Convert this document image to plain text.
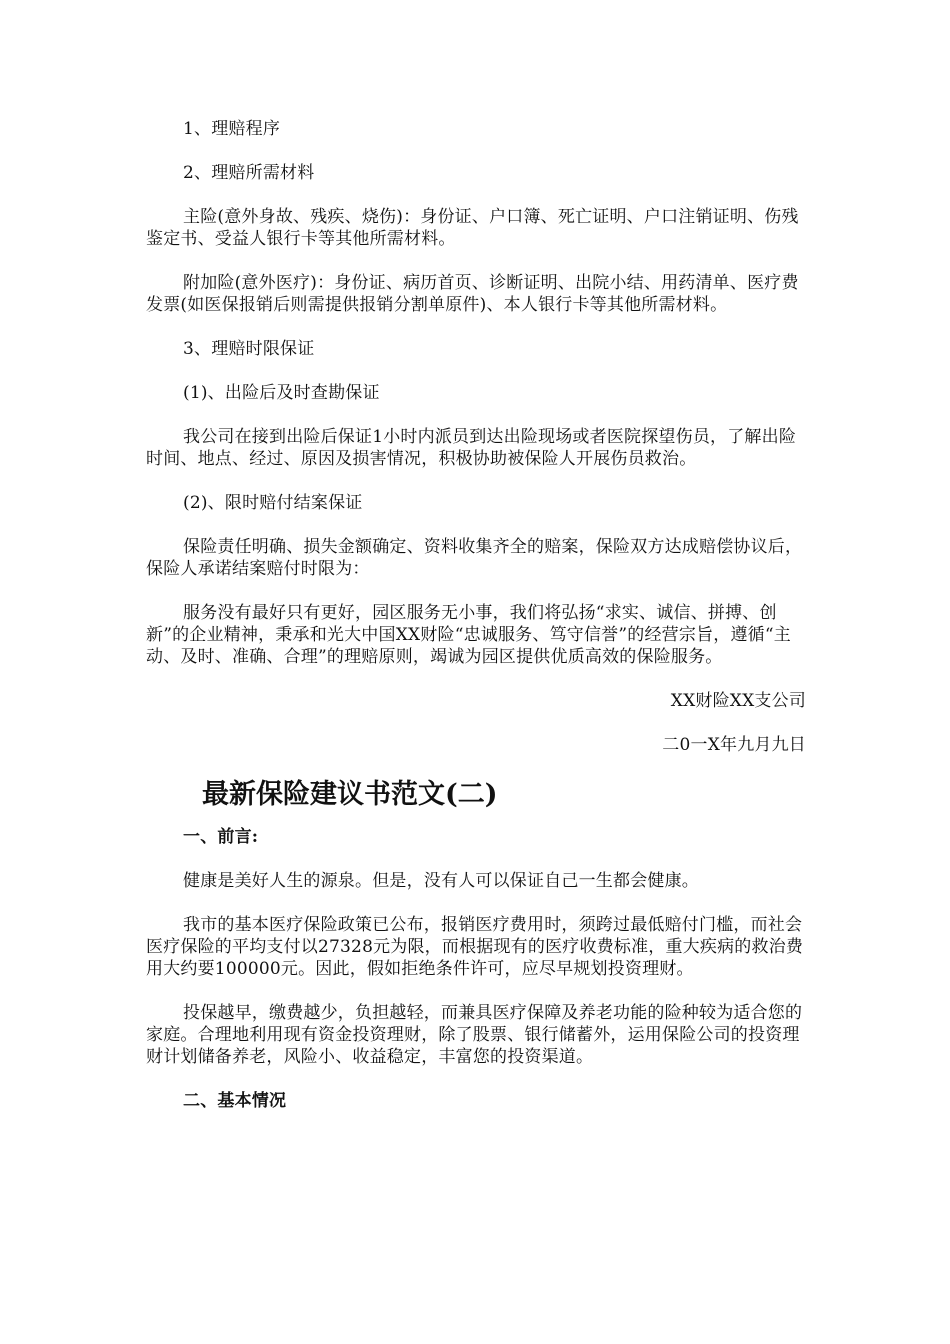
1、理赔程序

2、理赔所需材料

主险(意外身故、残疾、烧伤)：身份证、户口簿、死亡证明、户口注销证明、伤残鉴定书、受益人银行卡等其他所需材料。

附加险(意外医疗)：身份证、病历首页、诊断证明、出院小结、用药清单、医疗费发票(如医保报销后则需提供报销分割单原件)、本人银行卡等其他所需材料。

3、理赔时限保证

(1)、出险后及时查勘保证

我公司在接到出险后保证1小时内派员到达出险现场或者医院探望伤员，了解出险时间、地点、经过、原因及损害情况，积极协助被保险人开展伤员救治。

(2)、限时赔付结案保证

保险责任明确、损失金额确定、资料收集齐全的赔案，保险双方达成赔偿协议后，保险人承诺结案赔付时限为：

服务没有最好只有更好，园区服务无小事，我们将弘扬“求实、诚信、拼搏、创新”的企业精神，秉承和光大中国XX财险“忠诚服务、笃守信誉”的经营宗旨，遵循“主动、及时、准确、合理”的理赔原则，竭诚为园区提供优质高效的保险服务。

XX财险XX支公司

二0一X年九月九日

最新保险建议书范文(二)

一、前言:

健康是美好人生的源泉。但是，没有人可以保证自己一生都会健康。

我市的基本医疗保险政策已公布，报销医疗费用时，须跨过最低赔付门槛，而社会医疗保险的平均支付以27328元为限，而根据现有的医疗收费标准，重大疾病的救治费用大约要100000元。因此，假如拒绝条件许可，应尽早规划投资理财。

投保越早，缴费越少，负担越轻，而兼具医疗保障及养老功能的险种较为适合您的家庭。合理地利用现有资金投资理财，除了股票、银行储蓄外，运用保险公司的投资理财计划储备养老，风险小、收益稳定，丰富您的投资渠道。

二、基本情况
